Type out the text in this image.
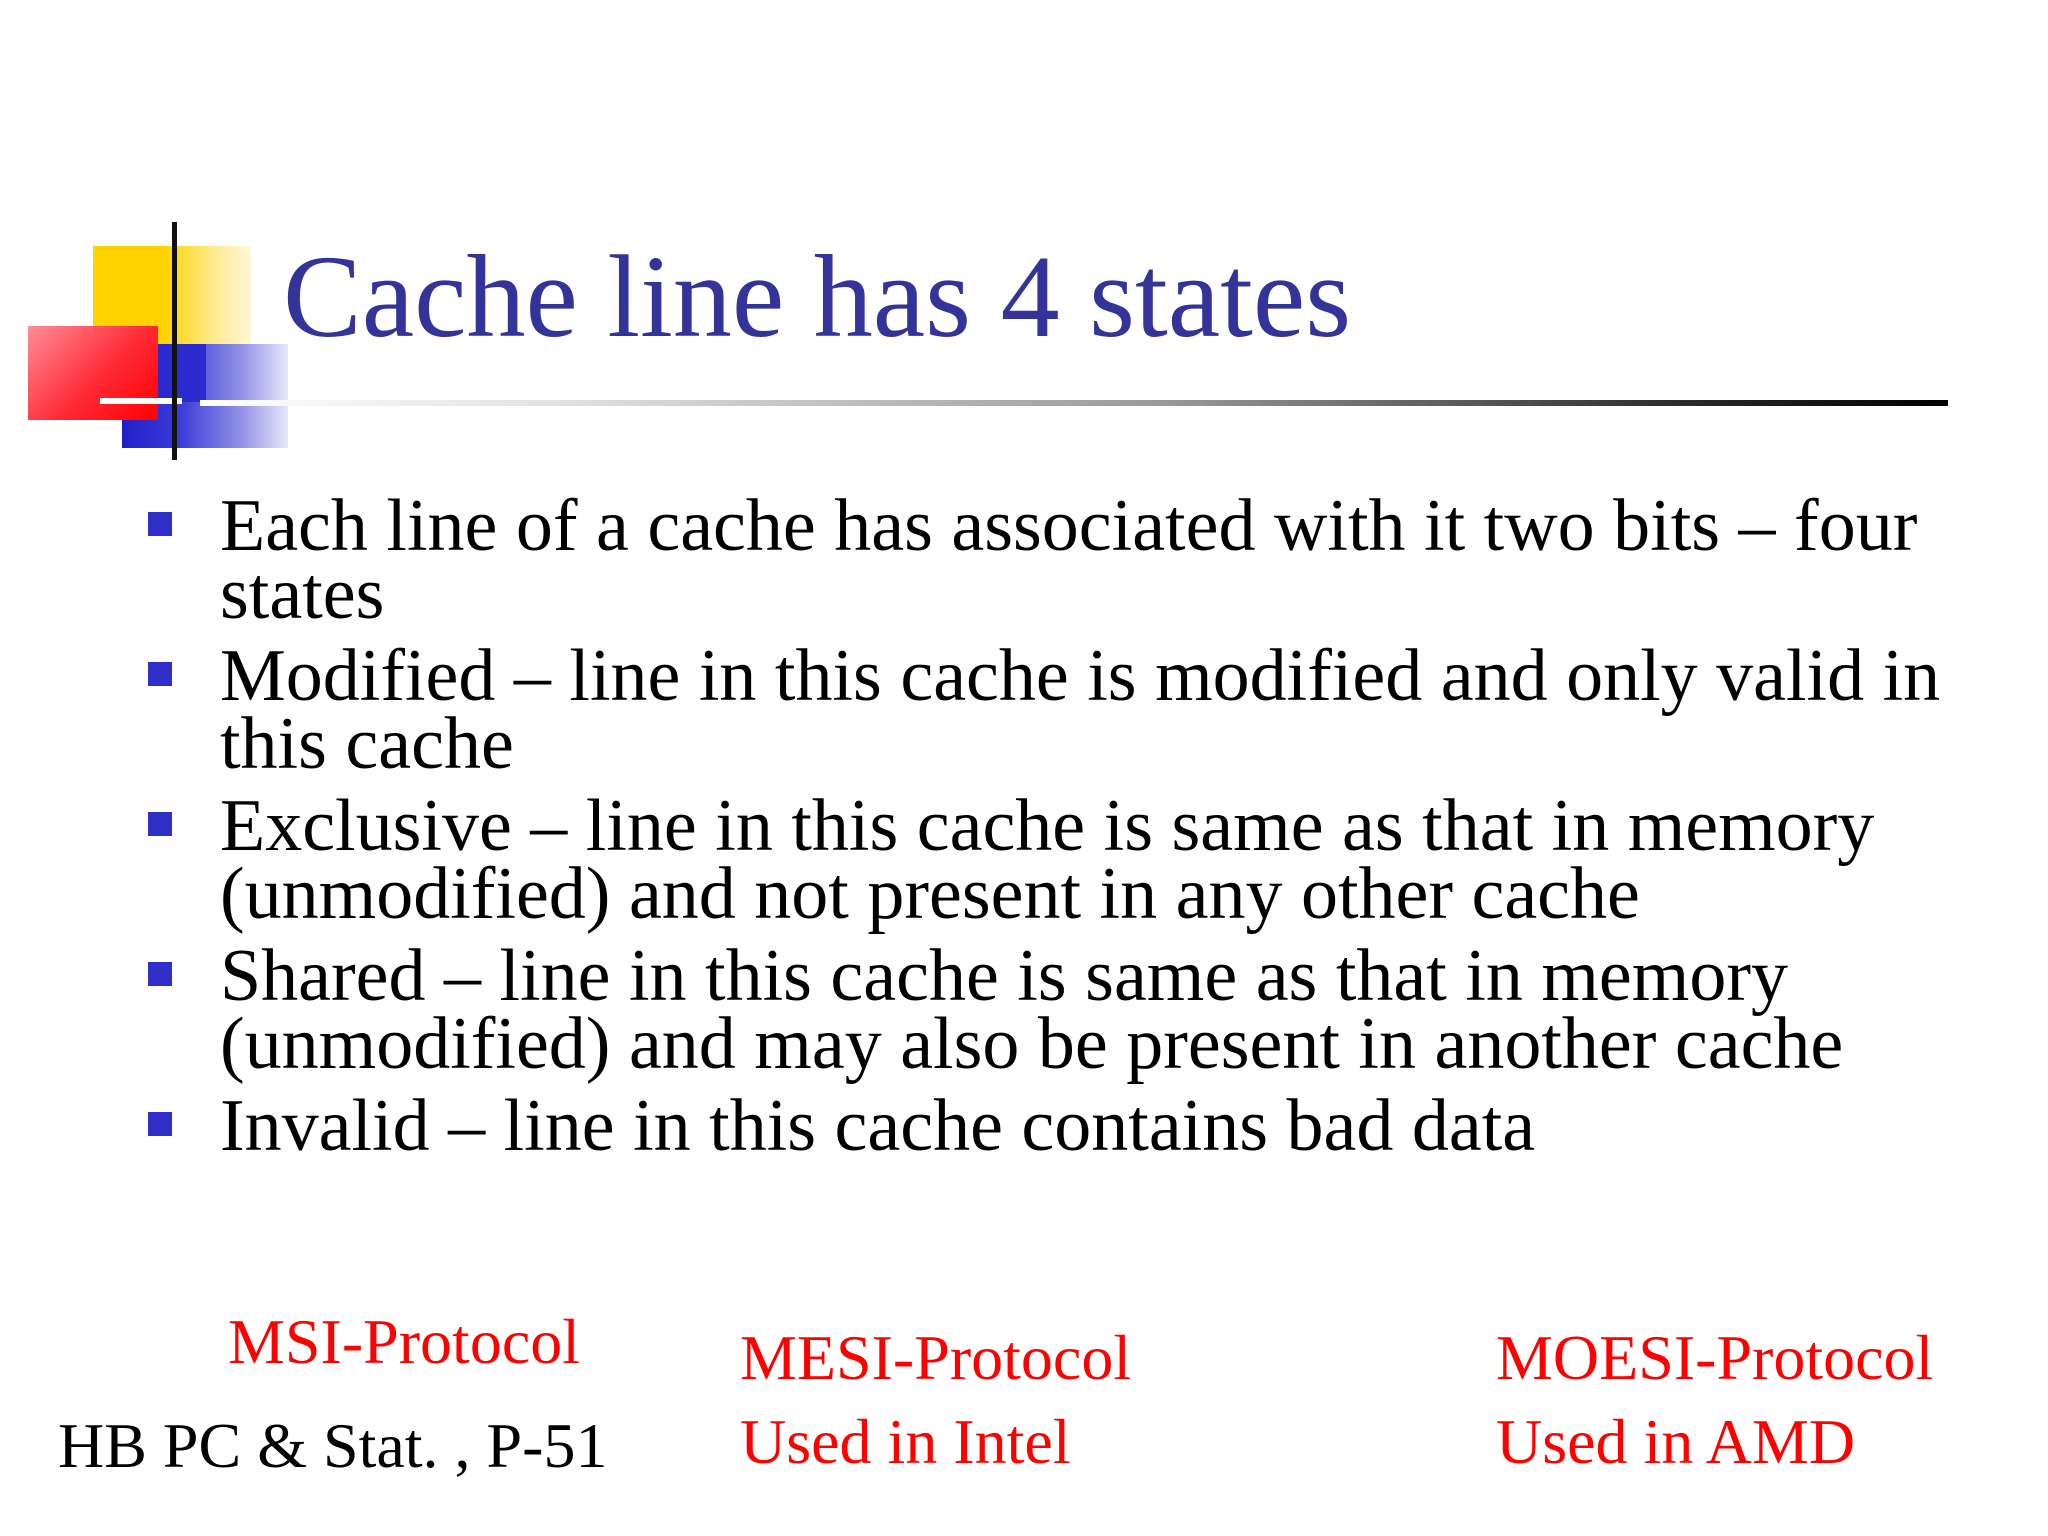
Cache line has 4 states
Each line of a cache has associated with it two bits – four states
Modified – line in this cache is modified and only valid in this cache
Exclusive – line in this cache is same as that in memory (unmodified) and not present in any other cache
Shared – line in this cache is same as that in memory (unmodified) and may also be present in another cache
Invalid – line in this cache contains bad data
MSI-Protocol	MESI-Protocol
Used in Intel
MOESI-Protocol
Used in AMD
HB PC & Stat. , P-51
